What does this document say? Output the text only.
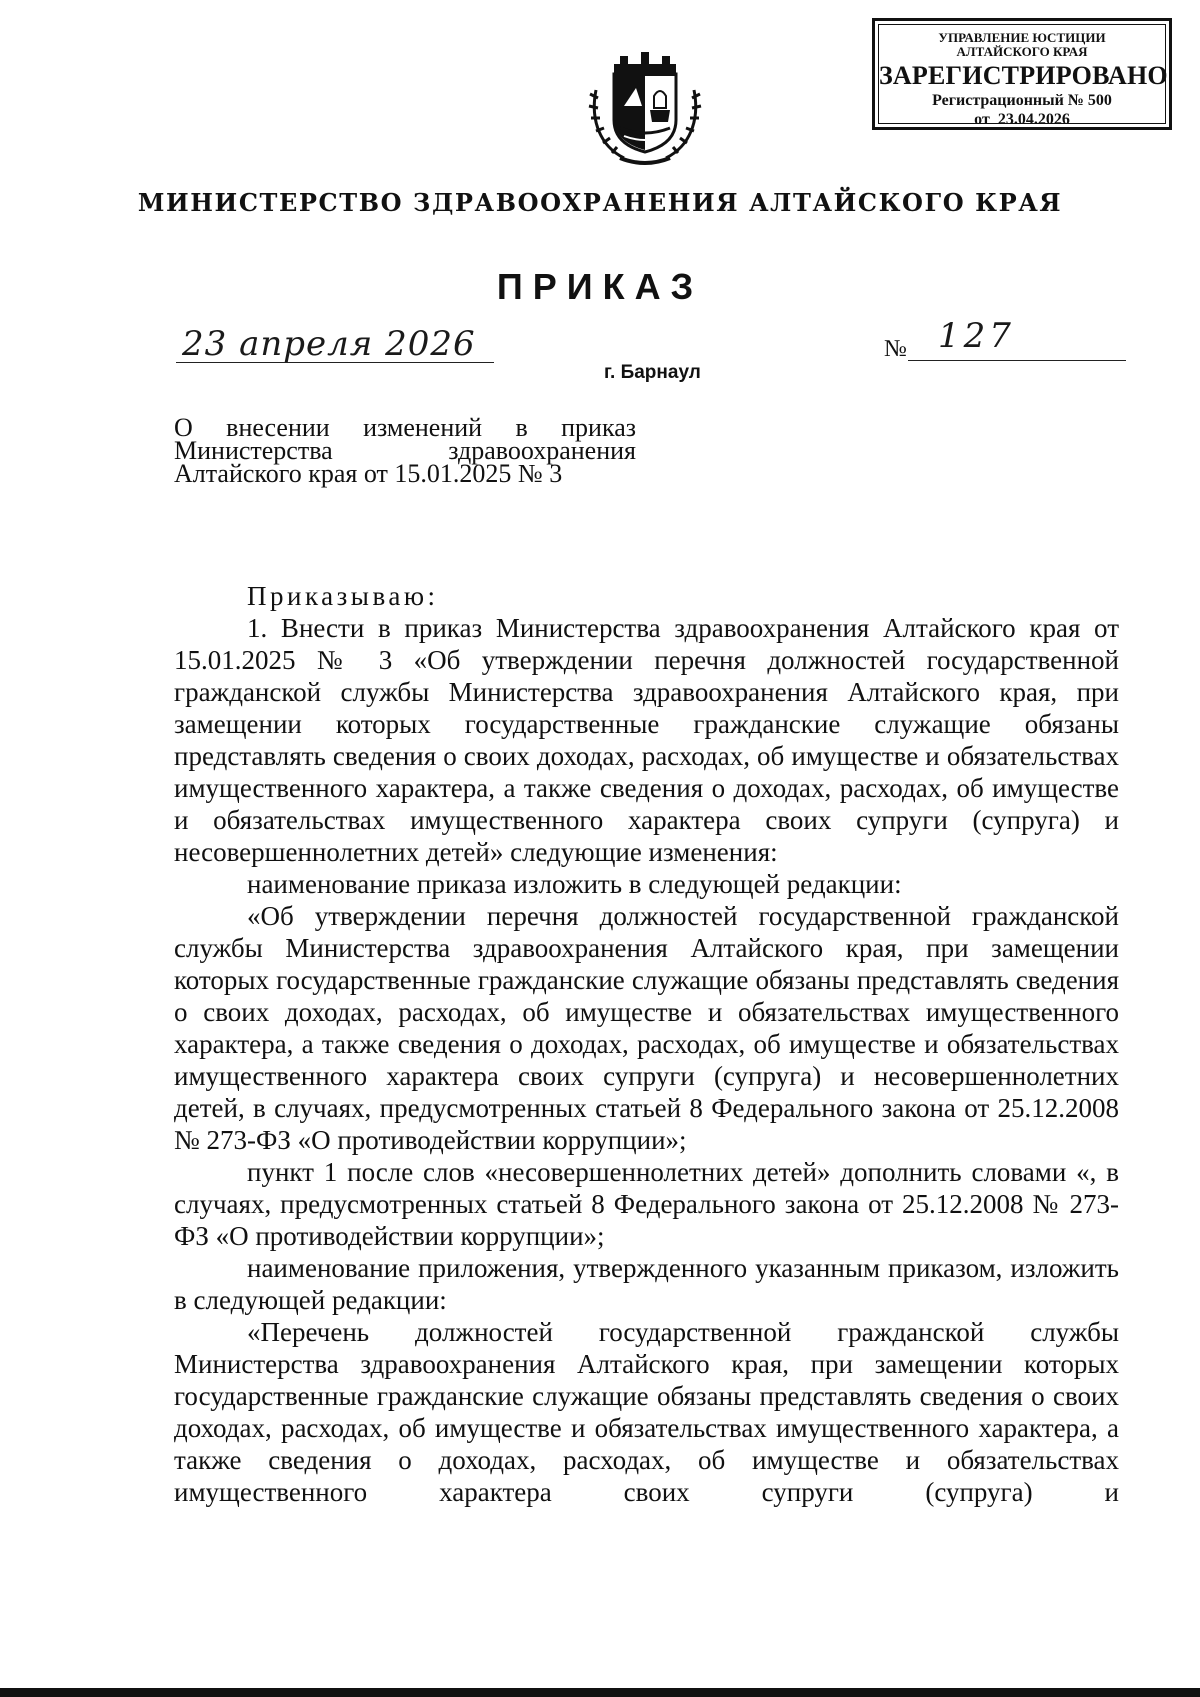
УПРАВЛЕНИЕ ЮСТИЦИИ
АЛТАЙСКОГО КРАЯ
ЗАРЕГИСТРИРОВАНО
Регистрационный № 500
от  23.04.2026
МИНИСТЕРСТВО ЗДРАВООХРАНЕНИЯ АЛТАЙСКОГО КРАЯ
ПРИКАЗ
23 апреля 2026	№ 127
г. Барнаул
О внесении изменений в приказ Министерства здравоохранения Алтайского края от 15.01.2025 № 3

Приказываю:

1. Внести в приказ Министерства здравоохранения Алтайского края от 15.01.2025 № 3 «Об утверждении перечня должностей государственной гражданской службы Министерства здравоохранения Алтайского края, при замещении которых государственные гражданские служащие обязаны представлять сведения о своих доходах, расходах, об имуществе и обязательствах имущественного характера, а также сведения о доходах, расходах, об имуществе и обязательствах имущественного характера своих супруги (супруга) и несовершеннолетних детей» следующие изменения:

наименование приказа изложить в следующей редакции:

«Об утверждении перечня должностей государственной гражданской службы Министерства здравоохранения Алтайского края, при замещении которых государственные гражданские служащие обязаны представлять сведения о своих доходах, расходах, об имуществе и обязательствах имущественного характера, а также сведения о доходах, расходах, об имуществе и обязательствах имущественного характера своих супруги (супруга) и несовершеннолетних детей, в случаях, предусмотренных статьей 8 Федерального закона от 25.12.2008 № 273-ФЗ «О противодействии коррупции»;

пункт 1 после слов «несовершеннолетних детей» дополнить словами «, в случаях, предусмотренных статьей 8 Федерального закона от 25.12.2008 № 273-ФЗ «О противодействии коррупции»;

наименование приложения, утвержденного указанным приказом, изложить в следующей редакции:

«Перечень должностей государственной гражданской службы Министерства здравоохранения Алтайского края, при замещении которых государственные гражданские служащие обязаны представлять сведения о своих доходах, расходах, об имуществе и обязательствах имущественного характера, а также сведения о доходах, расходах, об имуществе и обязательствах имущественного характера своих супруги (супруга) и
